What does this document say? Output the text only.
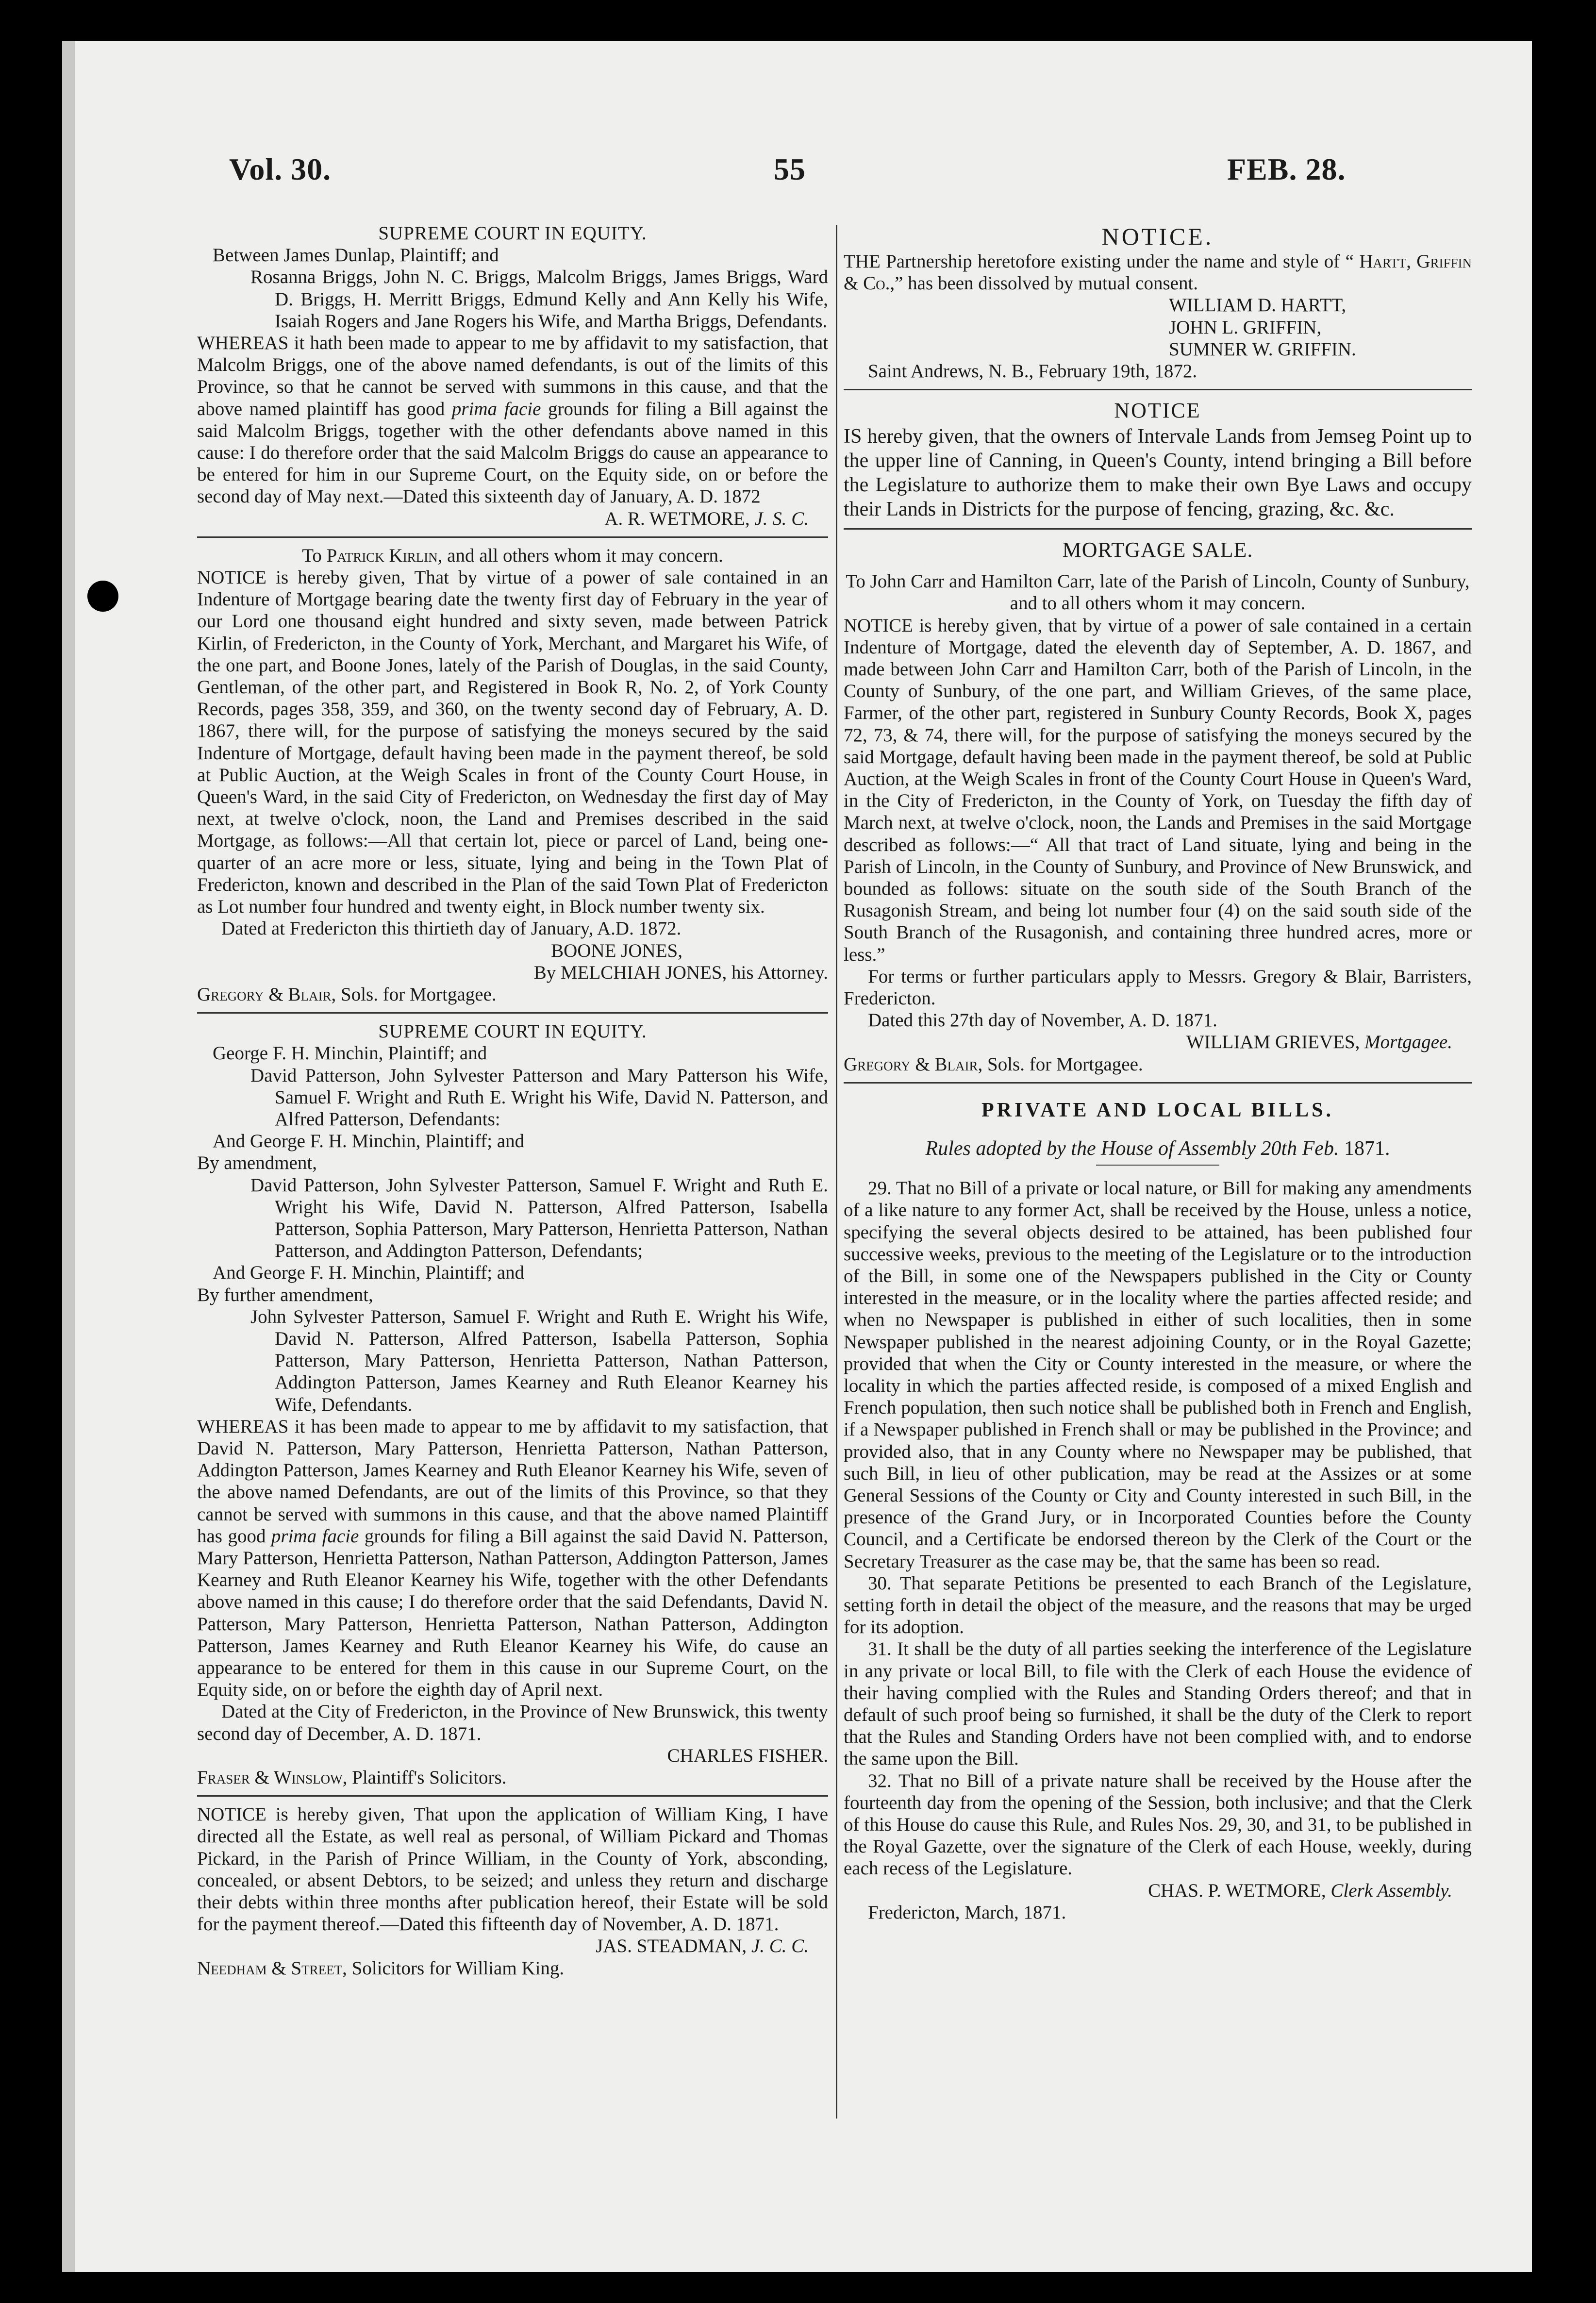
Vol. 30.	55	FEB. 28.

SUPREME COURT IN EQUITY.

Between James Dunlap, Plaintiff; and

Rosanna Briggs, John N. C. Briggs, Malcolm Briggs, James Briggs, Ward D. Briggs, H. Merritt Briggs, Edmund Kelly and Ann Kelly his Wife, Isaiah Rogers and Jane Rogers his Wife, and Martha Briggs, Defendants.

WHEREAS it hath been made to appear to me by affidavit to my satisfaction, that Malcolm Briggs, one of the above named defendants, is out of the limits of this Province, so that he cannot be served with summons in this cause, and that the above named plaintiff has good prima facie grounds for filing a Bill against the said Malcolm Briggs, together with the other defendants above named in this cause: I do therefore order that the said Malcolm Briggs do cause an appearance to be entered for him in our Supreme Court, on the Equity side, on or before the second day of May next.—Dated this sixteenth day of January, A. D. 1872

A. R. WETMORE, J. S. C.

To Patrick Kirlin, and all others whom it may concern.

NOTICE is hereby given, That by virtue of a power of sale contained in an Indenture of Mortgage bearing date the twenty first day of February in the year of our Lord one thousand eight hundred and sixty seven, made between Patrick Kirlin, of Fredericton, in the County of York, Merchant, and Margaret his Wife, of the one part, and Boone Jones, lately of the Parish of Douglas, in the said County, Gentleman, of the other part, and Registered in Book R, No. 2, of York County Records, pages 358, 359, and 360, on the twenty second day of February, A. D. 1867, there will, for the purpose of satisfying the moneys secured by the said Indenture of Mortgage, default having been made in the payment thereof, be sold at Public Auction, at the Weigh Scales in front of the County Court House, in Queen's Ward, in the said City of Fredericton, on Wednesday the first day of May next, at twelve o'clock, noon, the Land and Premises described in the said Mortgage, as follows:—All that certain lot, piece or parcel of Land, being one-quarter of an acre more or less, situate, lying and being in the Town Plat of Fredericton, known and described in the Plan of the said Town Plat of Fredericton as Lot number four hundred and twenty eight, in Block number twenty six.

Dated at Fredericton this thirtieth day of January, A.D. 1872.

BOONE JONES,

By MELCHIAH JONES, his Attorney.

Gregory & Blair, Sols. for Mortgagee.

SUPREME COURT IN EQUITY.

George F. H. Minchin, Plaintiff; and

David Patterson, John Sylvester Patterson and Mary Patterson his Wife, Samuel F. Wright and Ruth E. Wright his Wife, David N. Patterson, and Alfred Patterson, Defendants:

And George F. H. Minchin, Plaintiff; and

By amendment,

David Patterson, John Sylvester Patterson, Samuel F. Wright and Ruth E. Wright his Wife, David N. Patterson, Alfred Patterson, Isabella Patterson, Sophia Patterson, Mary Patterson, Henrietta Patterson, Nathan Patterson, and Addington Patterson, Defendants;

And George F. H. Minchin, Plaintiff; and

By further amendment,

John Sylvester Patterson, Samuel F. Wright and Ruth E. Wright his Wife, David N. Patterson, Alfred Patterson, Isabella Patterson, Sophia Patterson, Mary Patterson, Henrietta Patterson, Nathan Patterson, Addington Patterson, James Kearney and Ruth Eleanor Kearney his Wife, Defendants.

WHEREAS it has been made to appear to me by affidavit to my satisfaction, that David N. Patterson, Mary Patterson, Henrietta Patterson, Nathan Patterson, Addington Patterson, James Kearney and Ruth Eleanor Kearney his Wife, seven of the above named Defendants, are out of the limits of this Province, so that they cannot be served with summons in this cause, and that the above named Plaintiff has good prima facie grounds for filing a Bill against the said David N. Patterson, Mary Patterson, Henrietta Patterson, Nathan Patterson, Addington Patterson, James Kearney and Ruth Eleanor Kearney his Wife, together with the other Defendants above named in this cause; I do therefore order that the said Defendants, David N. Patterson, Mary Patterson, Henrietta Patterson, Nathan Patterson, Addington Patterson, James Kearney and Ruth Eleanor Kearney his Wife, do cause an appearance to be entered for them in this cause in our Supreme Court, on the Equity side, on or before the eighth day of April next.

Dated at the City of Fredericton, in the Province of New Brunswick, this twenty second day of December, A. D. 1871.

CHARLES FISHER.

Fraser & Winslow, Plaintiff's Solicitors.

NOTICE is hereby given, That upon the application of William King, I have directed all the Estate, as well real as personal, of William Pickard and Thomas Pickard, in the Parish of Prince William, in the County of York, absconding, concealed, or absent Debtors, to be seized; and unless they return and discharge their debts within three months after publication hereof, their Estate will be sold for the payment thereof.—Dated this fifteenth day of November, A. D. 1871.

JAS. STEADMAN, J. C. C.

Needham & Street, Solicitors for William King.

NOTICE.

THE Partnership heretofore existing under the name and style of “ Hartt, Griffin & Co.,” has been dissolved by mutual consent.

WILLIAM D. HARTT,

JOHN L. GRIFFIN,

SUMNER W. GRIFFIN.

Saint Andrews, N. B., February 19th, 1872.

NOTICE

IS hereby given, that the owners of Intervale Lands from Jemseg Point up to the upper line of Canning, in Queen's County, intend bringing a Bill before the Legislature to authorize them to make their own Bye Laws and occupy their Lands in Districts for the purpose of fencing, grazing, &c. &c.

MORTGAGE SALE.

To John Carr and Hamilton Carr, late of the Parish of Lincoln, County of Sunbury, and to all others whom it may concern.

NOTICE is hereby given, that by virtue of a power of sale contained in a certain Indenture of Mortgage, dated the eleventh day of September, A. D. 1867, and made between John Carr and Hamilton Carr, both of the Parish of Lincoln, in the County of Sunbury, of the one part, and William Grieves, of the same place, Farmer, of the other part, registered in Sunbury County Records, Book X, pages 72, 73, & 74, there will, for the purpose of satisfying the moneys secured by the said Mortgage, default having been made in the payment thereof, be sold at Public Auction, at the Weigh Scales in front of the County Court House in Queen's Ward, in the City of Fredericton, in the County of York, on Tuesday the fifth day of March next, at twelve o'clock, noon, the Lands and Premises in the said Mortgage described as follows:—“ All that tract of Land situate, lying and being in the Parish of Lincoln, in the County of Sunbury, and Province of New Brunswick, and bounded as follows: situate on the south side of the South Branch of the Rusagonish Stream, and being lot number four (4) on the said south side of the South Branch of the Rusagonish, and containing three hundred acres, more or less.”

For terms or further particulars apply to Messrs. Gregory & Blair, Barristers, Fredericton.

Dated this 27th day of November, A. D. 1871.

WILLIAM GRIEVES, Mortgagee.

Gregory & Blair, Sols. for Mortgagee.

PRIVATE AND LOCAL BILLS.

Rules adopted by the House of Assembly 20th Feb. 1871.

29. That no Bill of a private or local nature, or Bill for making any amendments of a like nature to any former Act, shall be received by the House, unless a notice, specifying the several objects desired to be attained, has been published four successive weeks, previous to the meeting of the Legislature or to the introduction of the Bill, in some one of the Newspapers published in the City or County interested in the measure, or in the locality where the parties affected reside; and when no Newspaper is published in either of such localities, then in some Newspaper published in the nearest adjoining County, or in the Royal Gazette; provided that when the City or County interested in the measure, or where the locality in which the parties affected reside, is composed of a mixed English and French population, then such notice shall be published both in French and English, if a Newspaper published in French shall or may be published in the Province; and provided also, that in any County where no Newspaper may be published, that such Bill, in lieu of other publication, may be read at the Assizes or at some General Sessions of the County or City and County interested in such Bill, in the presence of the Grand Jury, or in Incorporated Counties before the County Council, and a Certificate be endorsed thereon by the Clerk of the Court or the Secretary Treasurer as the case may be, that the same has been so read.

30. That separate Petitions be presented to each Branch of the Legislature, setting forth in detail the object of the measure, and the reasons that may be urged for its adoption.

31. It shall be the duty of all parties seeking the interference of the Legislature in any private or local Bill, to file with the Clerk of each House the evidence of their having complied with the Rules and Standing Orders thereof; and that in default of such proof being so furnished, it shall be the duty of the Clerk to report that the Rules and Standing Orders have not been complied with, and to endorse the same upon the Bill.

32. That no Bill of a private nature shall be received by the House after the fourteenth day from the opening of the Session, both inclusive; and that the Clerk of this House do cause this Rule, and Rules Nos. 29, 30, and 31, to be published in the Royal Gazette, over the signature of the Clerk of each House, weekly, during each recess of the Legislature.

CHAS. P. WETMORE, Clerk Assembly.

Fredericton, March, 1871.
